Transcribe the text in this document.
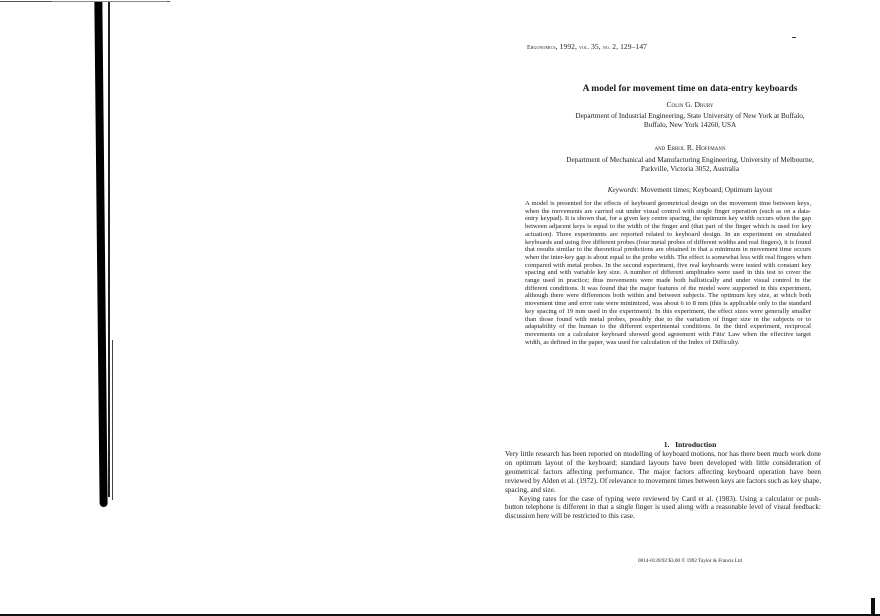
Ergonomics, 1992, vol. 35, no. 2, 129–147
A model for movement time on data-entry keyboards
Colin G. Drury
Department of Industrial Engineering, State University of New York at Buffalo,
Buffalo, New York 14260, USA
and Errol R. Hoffmann
Department of Mechanical and Manufacturing Engineering, University of Melbourne,
Parkville, Victoria 3052, Australia
Keywords: Movement times; Keyboard; Optimum layout
A model is presented for the effects of keyboard geometrical design on the movement time between keys, when the movements are carried out under visual control with single finger operation (such as on a data-entry keypad). It is shown that, for a given key centre spacing, the optimum key width occurs when the gap between adjacent keys is equal to the width of the finger and (that part of the finger which is used for key actuation). Three experiments are reported related to keyboard design. In an experiment on simulated keyboards and using five different probes (four metal probes of different widths and real fingers), it is found that results similar to the theoretical predictions are obtained in that a minimum in movement time occurs when the inter-key gap is about equal to the probe width. The effect is somewhat less with real fingers when compared with metal probes. In the second experiment, five real keyboards were tested with constant key spacing and with variable key size. A number of different amplitudes were used in this test to cover the range used in practice; thus movements were made both ballistically and under visual control in the different conditions. It was found that the major features of the model were supported in this experiment, although there were differences both within and between subjects. The optimum key size, at which both movement time and error rate were minimized, was about 6 to 8 mm (this is applicable only to the standard key spacing of 19 mm used in the experiment). In this experiment, the effect sizes were generally smaller than those found with metal probes, possibly due to the variation of finger size in the subjects or to adaptability of the human to the different experimental conditions. In the third experiment, reciprocal movements on a calculator keyboard showed good agreement with Fitts' Law when the effective target width, as defined in the paper, was used for calculation of the Index of Difficulty.
1. Introduction

Very little research has been reported on modelling of keyboard motions, nor has there been much work done on optimum layout of the keyboard; standard layouts have been developed with little consideration of geometrical factors affecting performance. The major factors affecting keyboard operation have been reviewed by Alden et al. (1972). Of relevance to movement times between keys are factors such as key shape, spacing, and size.

Keying rates for the case of typing were reviewed by Card et al. (1983). Using a calculator or push-button telephone is different in that a single finger is used along with a reasonable level of visual feedback: discussion here will be restricted to this case.

0014-0139/92 $3.00 © 1992 Taylor & Francis Ltd
